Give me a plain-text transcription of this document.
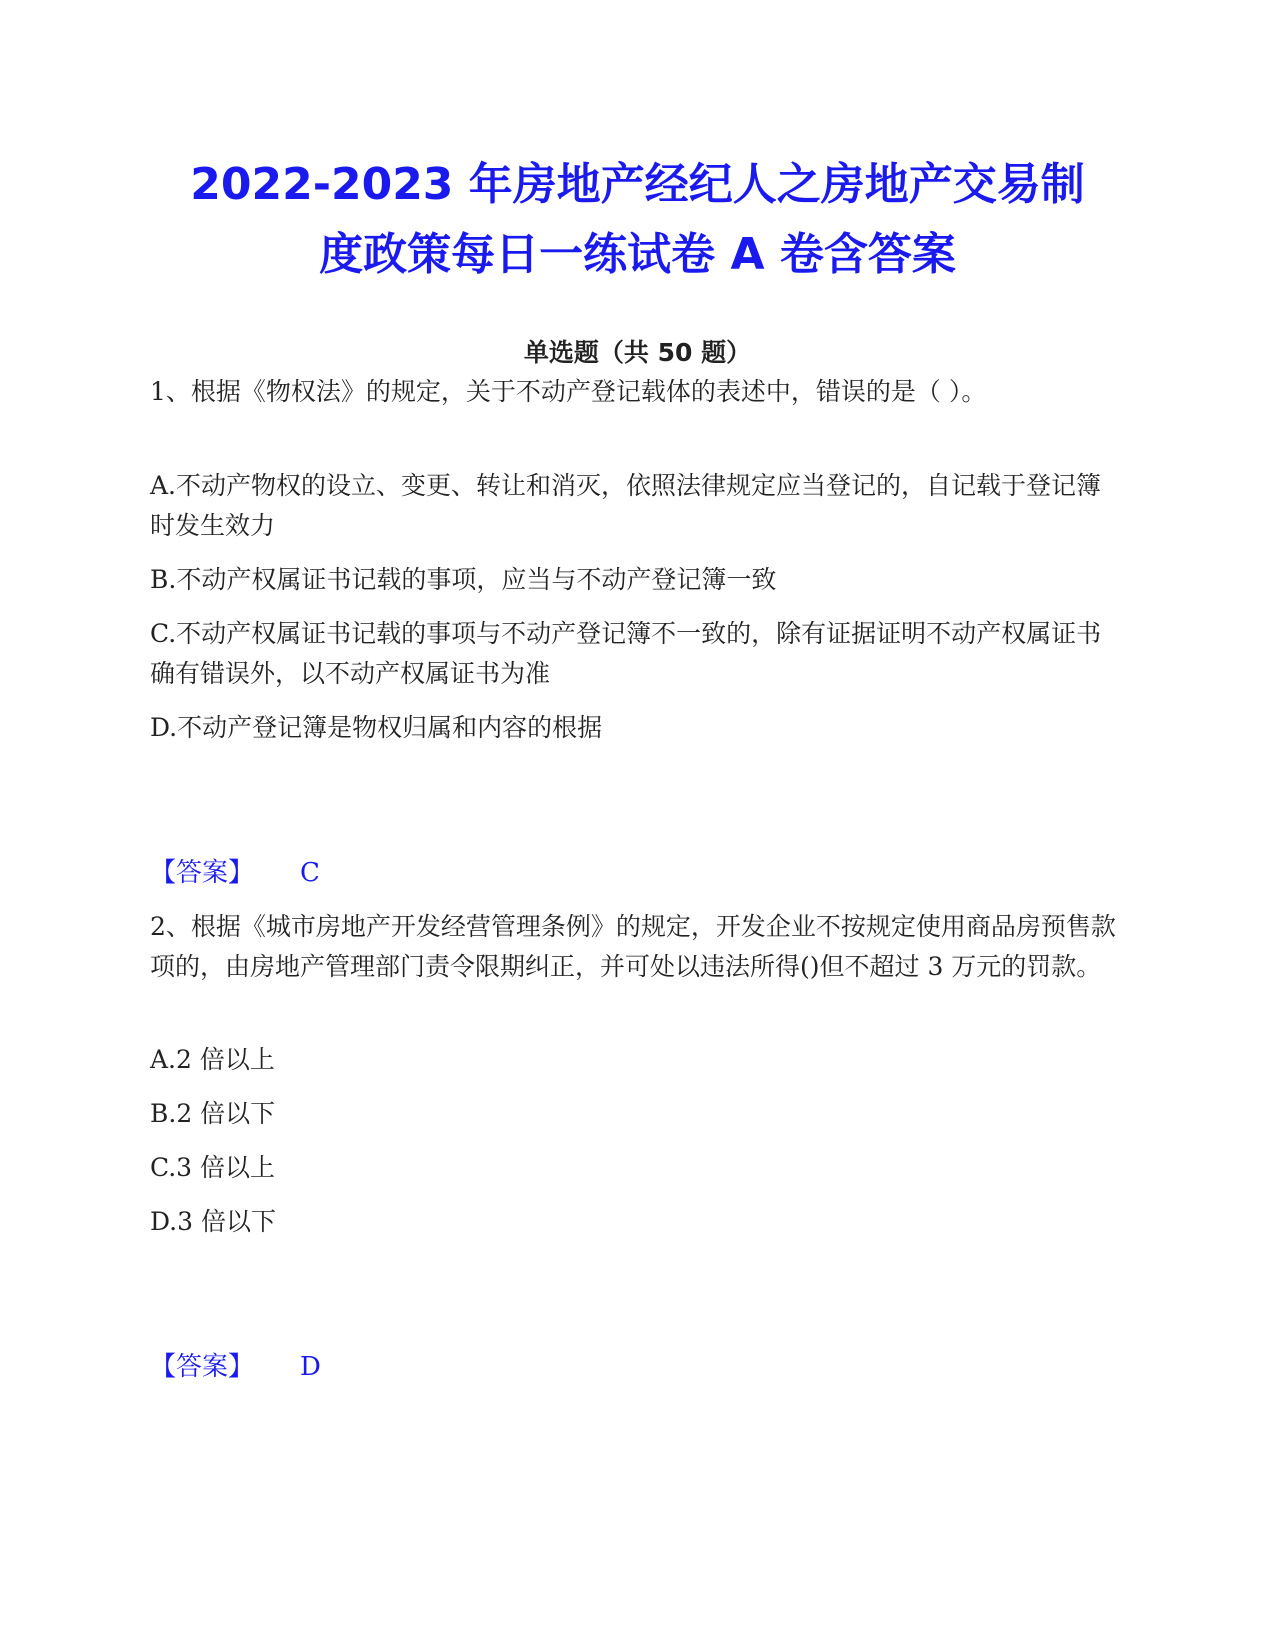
2022-2023 年房地产经纪人之房地产交易制
度政策每日一练试卷 A 卷含答案
单选题（共 50 题）

1、根据《物权法》的规定，关于不动产登记载体的表述中，错误的是（ ）。

A.不动产物权的设立、变更、转让和消灭，依照法律规定应当登记的，自记载于登记簿时发生效力

B.不动产权属证书记载的事项，应当与不动产登记簿一致

C.不动产权属证书记载的事项与不动产登记簿不一致的，除有证据证明不动产权属证书确有错误外，以不动产权属证书为准

D.不动产登记簿是物权归属和内容的根据

【答案】 C

2、根据《城市房地产开发经营管理条例》的规定，开发企业不按规定使用商品房预售款项的，由房地产管理部门责令限期纠正，并可处以违法所得()但不超过 3 万元的罚款。

A.2 倍以上

B.2 倍以下

C.3 倍以上

D.3 倍以下

【答案】 D
